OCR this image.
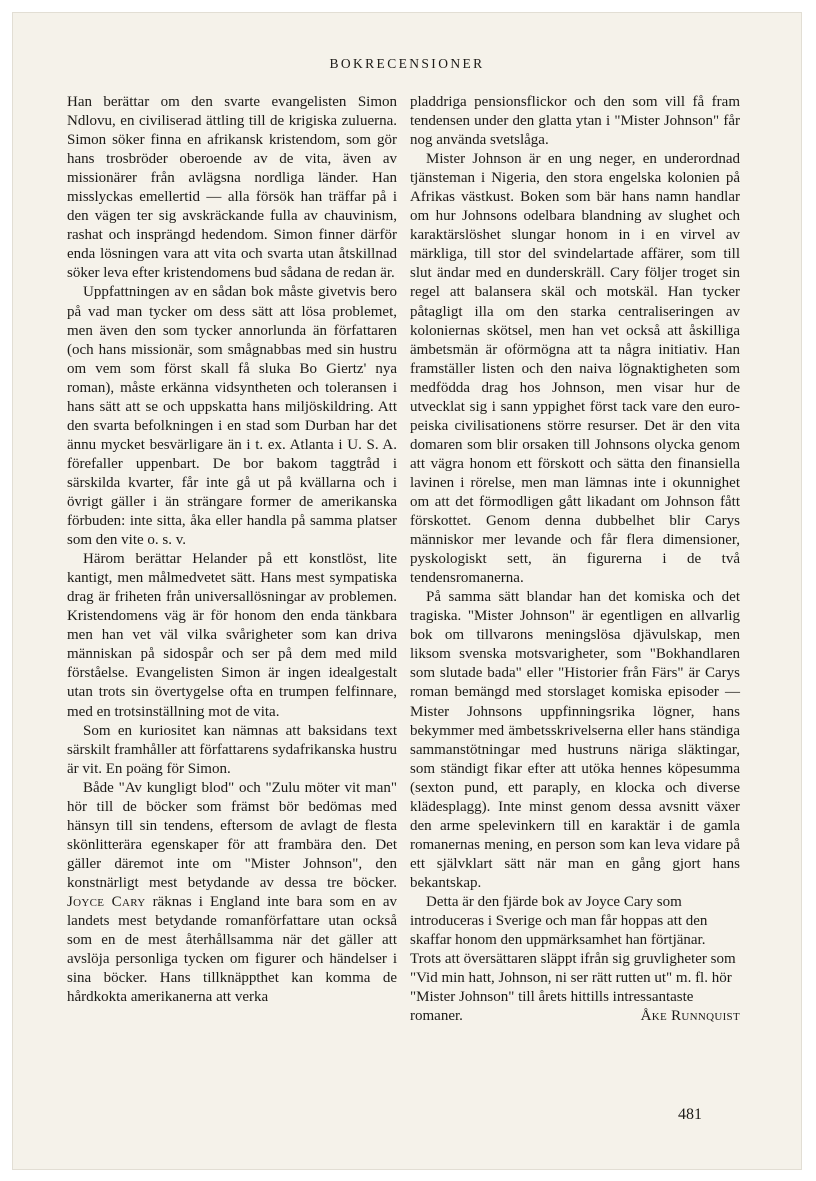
BOKRECENSIONER

Han berättar om den svarte evangelisten Simon Ndlovu, en civiliserad ättling till de krigiska zuluerna. Simon söker finna en afrikansk kristendom, som gör hans trosbröder oberoende av de vita, även av missionärer från avlägsna nordliga länder. Han misslyckas emellertid — alla försök han träffar på i den vägen ter sig avskräckande fulla av chauvinism, rashat och insprängd hedendom. Simon finner därför enda lösningen vara att vita och svarta utan åtskillnad söker leva efter kristendomens bud sådana de redan är.

Uppfattningen av en sådan bok måste givetvis bero på vad man tycker om dess sätt att lösa problemet, men även den som tycker annorlunda än författaren (och hans missionär, som smågnabbas med sin hustru om vem som först skall få sluka Bo Giertz' nya roman), måste erkänna vidsyntheten och toleransen i hans sätt att se och uppskatta hans miljöskildring. Att den svarta befolkningen i en stad som Durban har det ännu mycket besvärligare än i t. ex. Atlanta i U. S. A. förefaller uppenbart. De bor bakom taggtråd i särskilda kvarter, får inte gå ut på kvällarna och i övrigt gäller i än strängare former de amerikanska förbuden: inte sitta, åka eller handla på samma platser som den vite o. s. v.

Härom berättar Helander på ett konstlöst, lite kantigt, men målmedvetet sätt. Hans mest sympatiska drag är friheten från universallösningar av problemen. Kristendomens väg är för honom den enda tänkbara men han vet väl vilka svårigheter som kan driva människan på sidospår och ser på dem med mild förståelse. Evangelisten Simon är ingen idealgestalt utan trots sin övertygelse ofta en trumpen felfinnare, med en trotsinställning mot de vita.

Som en kuriositet kan nämnas att baksidans text särskilt framhåller att författarens sydafrikanska hustru är vit. En poäng för Simon.

Både "Av kungligt blod" och "Zulu möter vit man" hör till de böcker som främst bör bedömas med hänsyn till sin tendens, eftersom de avlagt de flesta skönlitterära egenskaper för att frambära den. Det gäller däremot inte om "Mister Johnson", den konstnärligt mest betydande av dessa tre böcker. Joyce Cary räknas i England inte bara som en av landets mest betydande romanförfattare utan också som en de mest återhållsamma när det gäller att avslöja personliga tycken om figurer och händelser i sina böcker. Hans tillknäppthet kan komma de hårdkokta amerikanerna att verka

pladdriga pensionsflickor och den som vill få fram tendensen under den glatta ytan i "Mister Johnson" får nog använda svetslåga.

Mister Johnson är en ung neger, en underordnad tjänsteman i Nigeria, den stora engelska kolonien på Afrikas västkust. Boken som bär hans namn handlar om hur Johnsons odelbara blandning av slughet och karaktärslöshet slungar honom in i en virvel av märkliga, till stor del svindelartade affärer, som till slut ändar med en dunderskräll. Cary följer troget sin regel att balansera skäl och motskäl. Han tycker påtagligt illa om den starka centraliseringen av koloniernas skötsel, men han vet också att åskilliga ämbetsmän är oförmögna att ta några initiativ. Han framställer listen och den naiva lögnaktigheten som medfödda drag hos Johnson, men visar hur de utvecklat sig i sann yppighet först tack vare den europeiska civilisationens större resurser. Det är den vita domaren som blir orsaken till Johnsons olycka genom att vägra honom ett förskott och sätta den finansiella lavinen i rörelse, men man lämnas inte i okunnighet om att det förmodligen gått likadant om Johnson fått förskottet. Genom denna dubbelhet blir Carys människor mer levande och får flera dimensioner, pyskologiskt sett, än figurerna i de två tendensromanerna.

På samma sätt blandar han det komiska och det tragiska. "Mister Johnson" är egentligen en allvarlig bok om tillvarons meningslösa djävulskap, men liksom svenska motsvarigheter, som "Bokhandlaren som slutade bada" eller "Historier från Färs" är Carys roman bemängd med storslaget komiska episoder — Mister Johnsons uppfinningsrika lögner, hans bekymmer med ämbetsskrivelserna eller hans ständiga sammanstötningar med hustruns näriga släktingar, som ständigt fikar efter att utöka hennes köpesumma (sexton pund, ett paraply, en klocka och diverse klädesplagg). Inte minst genom dessa avsnitt växer den arme spelevinkern till en karaktär i de gamla romanernas mening, en person som kan leva vidare på ett självklart sätt när man en gång gjort hans bekantskap.

Detta är den fjärde bok av Joyce Cary som introduceras i Sverige och man får hoppas att den skaffar honom den uppmärksamhet han förtjänar. Trots att översättaren släppt ifrån sig gruvligheter som "Vid min hatt, Johnson, ni ser rätt rutten ut" m. fl. hör "Mister Johnson" till årets hittills intressantaste romaner.	Åke Runnquist

481
